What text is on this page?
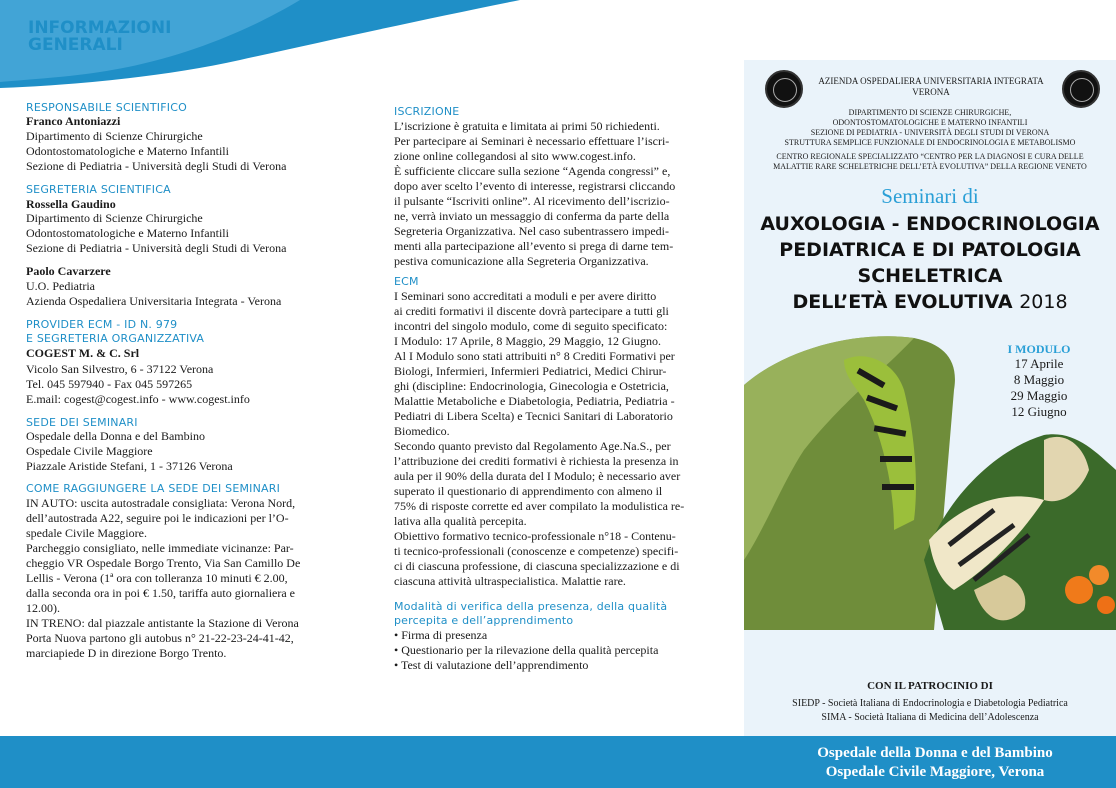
INFORMAZIONI
GENERALI
RESPONSABILE SCIENTIFICO
Franco Antoniazzi
Dipartimento di Scienze Chirurgiche
Odontostomatologiche e Materno Infantili
Sezione di Pediatria - Università degli Studi di Verona
SEGRETERIA SCIENTIFICA
Rossella Gaudino
Dipartimento di Scienze Chirurgiche
Odontostomatologiche e Materno Infantili
Sezione di Pediatria - Università degli Studi di Verona
Paolo Cavarzere
U.O. Pediatria
Azienda Ospedaliera Universitaria Integrata - Verona
PROVIDER ECM - ID N. 979
E SEGRETERIA ORGANIZZATIVA
COGEST M. & C. Srl
Vicolo San Silvestro, 6 - 37122 Verona
Tel. 045 597940 - Fax 045 597265
E.mail: cogest@cogest.info - www.cogest.info
SEDE DEI SEMINARI
Ospedale della Donna e del Bambino
Ospedale Civile Maggiore
Piazzale Aristide Stefani, 1 - 37126 Verona
COME RAGGIUNGERE LA SEDE DEI SEMINARI
IN AUTO: uscita autostradale consigliata: Verona Nord,
dell’autostrada A22, seguire poi le indicazioni per l’O-
spedale Civile Maggiore.
Parcheggio consigliato, nelle immediate vicinanze: Par-
cheggio VR Ospedale Borgo Trento, Via San Camillo De
Lellis - Verona (1ª ora con tolleranza 10 minuti € 2.00,
dalla seconda ora in poi € 1.50, tariffa auto giornaliera e
12.00).
IN TRENO: dal piazzale antistante la Stazione di Verona
Porta Nuova partono gli autobus n° 21-22-23-24-41-42,
marciapiede D in direzione Borgo Trento.
ISCRIZIONE
L’iscrizione è gratuita e limitata ai primi 50 richiedenti.
Per partecipare ai Seminari è necessario effettuare l’iscri-
zione online collegandosi al sito www.cogest.info.
È sufficiente cliccare sulla sezione “Agenda congressi” e,
dopo aver scelto l’evento di interesse, registrarsi cliccando
il pulsante “Iscriviti online”. Al ricevimento dell’iscrizio-
ne, verrà inviato un messaggio di conferma da parte della
Segreteria Organizzativa. Nel caso subentrassero impedi-
menti alla partecipazione all’evento si prega di darne tem-
pestiva comunicazione alla Segreteria Organizzativa.
ECM
I Seminari sono accreditati a moduli e per avere diritto
ai crediti formativi il discente dovrà partecipare a tutti gli
incontri del singolo modulo, come di seguito specificato:
I Modulo: 17 Aprile, 8 Maggio, 29 Maggio, 12 Giugno.
Al I Modulo sono stati attribuiti n° 8 Crediti Formativi per
Biologi, Infermieri, Infermieri Pediatrici, Medici Chirur-
ghi (discipline: Endocrinologia, Ginecologia e Ostetricia,
Malattie Metaboliche e Diabetologia, Pediatria, Pediatria -
Pediatri di Libera Scelta) e Tecnici Sanitari di Laboratorio
Biomedico.
Secondo quanto previsto dal Regolamento Age.Na.S., per
l’attribuzione dei crediti formativi è richiesta la presenza in
aula per il 90% della durata del I Modulo; è necessario aver
superato il questionario di apprendimento con almeno il
75% di risposte corrette ed aver compilato la modulistica re-
lativa alla qualità percepita.
Obiettivo formativo tecnico-professionale n°18 - Contenu-
ti tecnico-professionali (conoscenze e competenze) specifi-
ci di ciascuna professione, di ciascuna specializzazione e di
ciascuna attività ultraspecialistica. Malattie rare.
Modalità di verifica della presenza, della qualità
percepita e dell’apprendimento
• Firma di presenza
• Questionario per la rilevazione della qualità percepita
• Test di valutazione dell’apprendimento
AZIENDA OSPEDALIERA UNIVERSITARIA INTEGRATA
VERONA
DIPARTIMENTO DI SCIENZE CHIRURGICHE,
ODONTOSTOMATOLOGICHE E MATERNO INFANTILI
SEZIONE DI PEDIATRIA - UNIVERSITÀ DEGLI STUDI DI VERONA
STRUTTURA SEMPLICE FUNZIONALE DI ENDOCRINOLOGIA E METABOLISMO
CENTRO REGIONALE SPECIALIZZATO “CENTRO PER LA DIAGNOSI E CURA DELLE
MALATTIE RARE SCHELETRICHE DELL’ETÀ EVOLUTIVA” DELLA REGIONE VENETO
Seminari di
AUXOLOGIA - ENDOCRINOLOGIA
PEDIATRICA E DI PATOLOGIA
SCHELETRICA
DELL’ETÀ EVOLUTIVA 2018
I MODULO
17 Aprile
8 Maggio
29 Maggio
12 Giugno
CON IL PATROCINIO DI
SIEDP - Società Italiana di Endocrinologia e Diabetologia Pediatrica
SIMA - Società Italiana di Medicina dell’Adolescenza
Ospedale della Donna e del Bambino
Ospedale Civile Maggiore, Verona
